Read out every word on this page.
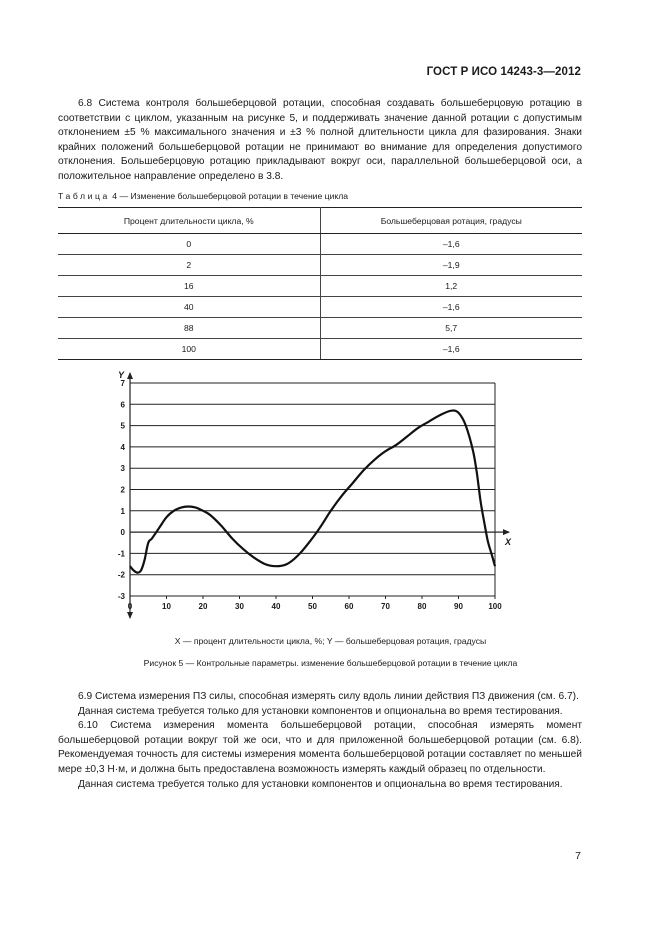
ГОСТ Р ИСО 14243-3—2012

6.8 Система контроля большеберцовой ротации, способная создавать большеберцовую ротацию в соответствии с циклом, указанным на рисунке 5, и поддерживать значение данной ротации с допустимым отклонением ±5 % максимального значения и ±3 % полной длительности цикла для фазирования. Знаки крайних положений большеберцовой ротации не принимают во внимание для определения допустимого отклонения. Большеберцовую ротацию прикладывают вокруг оси, параллельной большеберцовой оси, а положительное направление определено в 3.8.

Таблица 4 — Изменение большеберцовой ротации в течение цикла
Процент длительности цикла, %	Большеберцовая ротация, градусы
0	–1,6
2	–1,9
16	1,2
40	–1,6
88	5,7
100	–1,6
-3
-2
-1
0
1
2
3
4
5
6
7
0	10	20	30	40	50	60	70	80	90	100
Y
X
X — процент длительности цикла, %; Y — большеберцовая ротация, градусы
Рисунок 5 — Контрольные параметры. изменение большеберцовой ротации в течение цикла

6.9 Система измерения ПЗ силы, способная измерять силу вдоль линии действия ПЗ движения (см. 6.7).

Данная система требуется только для установки компонентов и опциональна во время тестирования.

6.10 Система измерения момента большеберцовой ротации, способная измерять момент большеберцовой ротации вокруг той же оси, что и для приложенной большеберцовой ротации (см. 6.8). Рекомендуемая точность для системы измерения момента большеберцовой ротации составляет по меньшей мере ±0,3 Н·м, и должна быть предоставлена возможность измерять каждый образец по отдельности.

Данная система требуется только для установки компонентов и опциональна во время тестирования.

7
